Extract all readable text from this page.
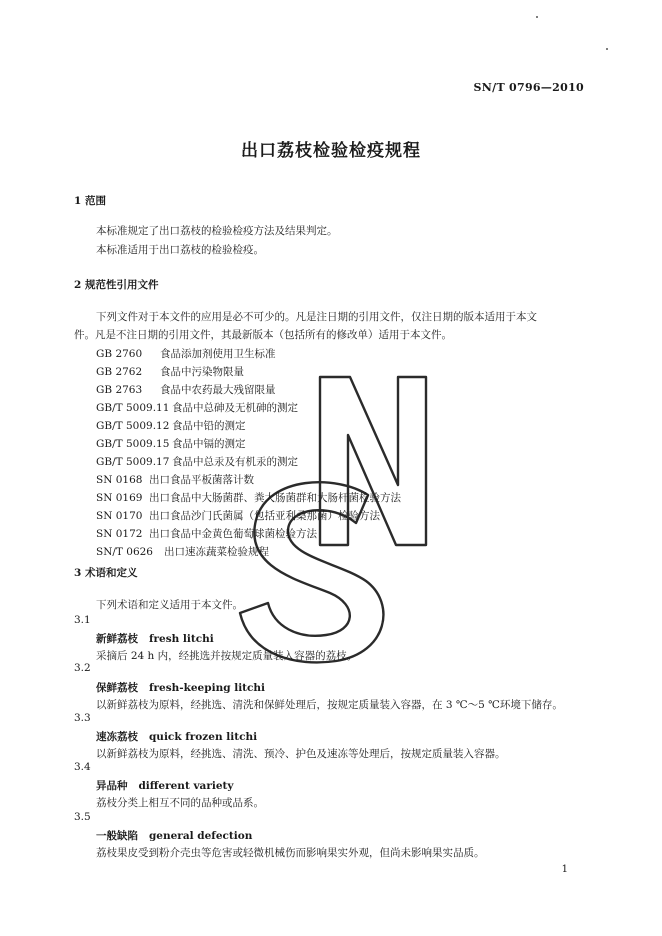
SN/T 0796—2010
出口荔枝检验检疫规程
1 范围
本标准规定了出口荔枝的检验检疫方法及结果判定。
本标准适用于出口荔枝的检验检疫。
2 规范性引用文件
下列文件对于本文件的应用是必不可少的。凡是注日期的引用文件，仅注日期的版本适用于本文
件。凡是不注日期的引用文件，其最新版本（包括所有的修改单）适用于本文件。
GB 2760 食品添加剂使用卫生标准
GB 2762 食品中污染物限量
GB 2763 食品中农药最大残留限量
GB/T 5009.11 食品中总砷及无机砷的测定
GB/T 5009.12 食品中铅的测定
GB/T 5009.15 食品中镉的测定
GB/T 5009.17 食品中总汞及有机汞的测定
SN 0168 出口食品平板菌落计数
SN 0169 出口食品中大肠菌群、粪大肠菌群和大肠杆菌检验方法
SN 0170 出口食品沙门氏菌属（包括亚利桑那菌）检验方法
SN 0172 出口食品中金黄色葡萄球菌检验方法
SN/T 0626 出口速冻蔬菜检验规程
3 术语和定义
下列术语和定义适用于本文件。
3.1
新鲜荔枝 fresh litchi
采摘后 24 h 内，经挑选并按规定质量装入容器的荔枝。
3.2
保鲜荔枝 fresh-keeping litchi
以新鲜荔枝为原料，经挑选、清洗和保鲜处理后，按规定质量装入容器，在 3 ℃～5 ℃环境下储存。
3.3
速冻荔枝 quick frozen litchi
以新鲜荔枝为原料，经挑选、清洗、预冷、护色及速冻等处理后，按规定质量装入容器。
3.4
异品种 different variety
荔枝分类上相互不同的品种或品系。
3.5
一般缺陷 general defection
荔枝果皮受到粉介壳虫等危害或轻微机械伤而影响果实外观，但尚未影响果实品质。
1
